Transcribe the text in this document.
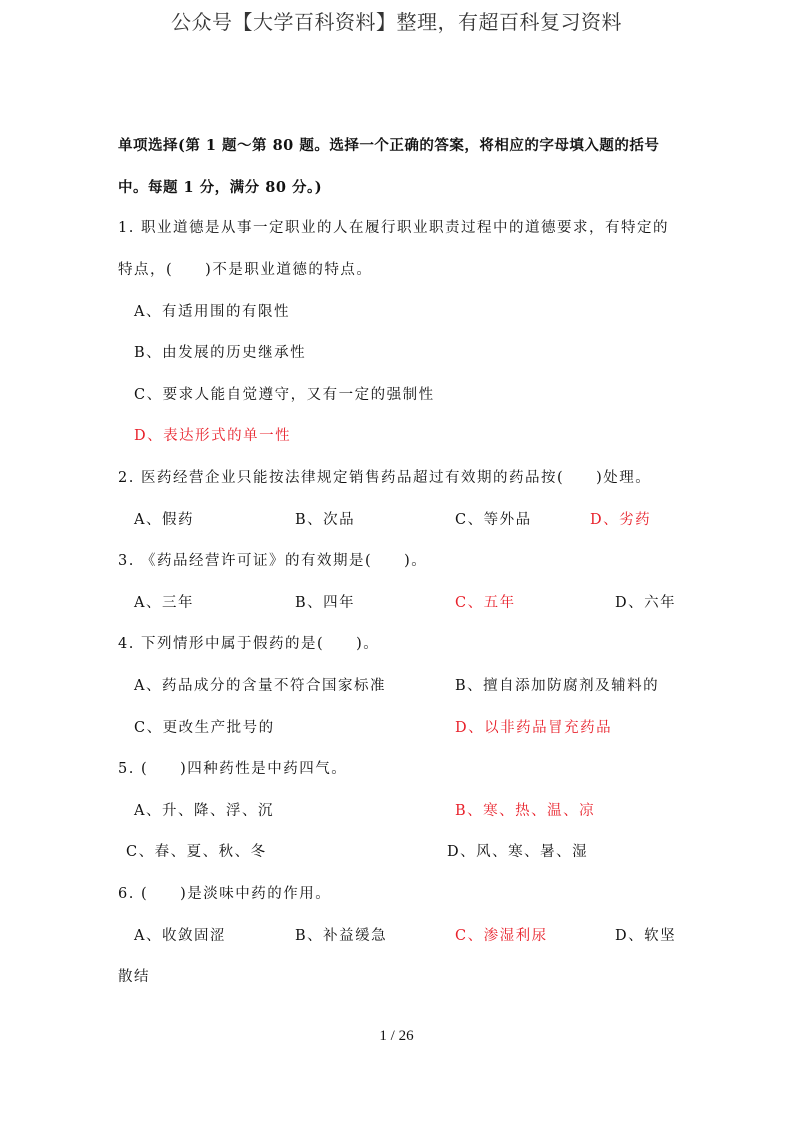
公众号【大学百科资料】整理，有超百科复习资料
单项选择(第 1 题～第 80 题。选择一个正确的答案，将相应的字母填入题的括号
中。每题 1 分，满分 80 分。)
1. 职业道德是从事一定职业的人在履行职业职责过程中的道德要求，有特定的
特点，(　　)不是职业道德的特点。
A、有适用围的有限性
B、由发展的历史继承性
C、要求人能自觉遵守，又有一定的强制性
D、表达形式的单一性
2. 医药经营企业只能按法律规定销售药品超过有效期的药品按(　　)处理。
A、假药	B、次品	C、等外品	D、劣药
3. 《药品经营许可证》的有效期是(　　)。
A、三年	B、四年	C、五年	D、六年
4. 下列情形中属于假药的是(　　)。
A、药品成分的含量不符合国家标准	B、擅自添加防腐剂及辅料的
C、更改生产批号的	D、以非药品冒充药品
5. (　　)四种药性是中药四气。
A、升、降、浮、沉	B、寒、热、温、凉
C、春、夏、秋、冬	D、风、寒、暑、湿
6. (　　)是淡味中药的作用。
A、收敛固涩	B、补益缓急	C、渗湿利尿	D、软坚
散结
1 / 26
